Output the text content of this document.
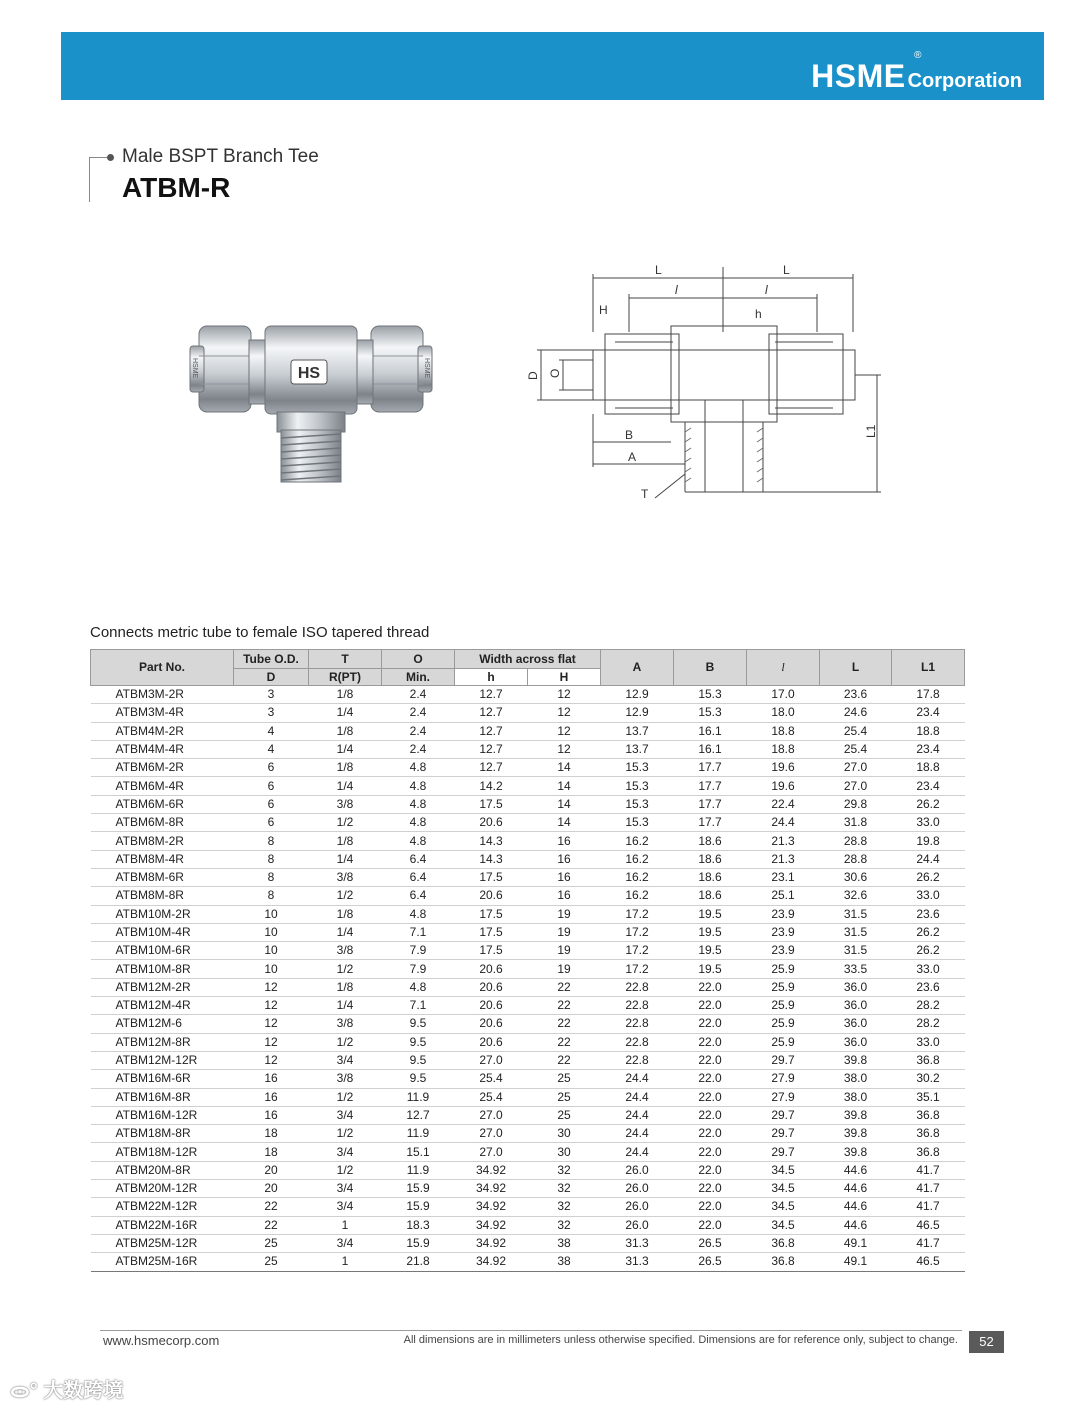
HSME
®
Corporation
Male BSPT Branch Tee
ATBM-R
HSME	HSME
HS
L	L
l	l
H	h
D O
B
A
T
L1
Connects metric tube to female ISO tapered thread
Part No.	Tube O.D.	T	O	Width across flat		A	B	l	L	L1
	D	R(PT)	Min.	h	H					
ATBM3M-2R	3	1/8	2.4	12.7	12	12.9	15.3	17.0	23.6	17.8
ATBM3M-4R	3	1/4	2.4	12.7	12	12.9	15.3	18.0	24.6	23.4
ATBM4M-2R	4	1/8	2.4	12.7	12	13.7	16.1	18.8	25.4	18.8
ATBM4M-4R	4	1/4	2.4	12.7	12	13.7	16.1	18.8	25.4	23.4
ATBM6M-2R	6	1/8	4.8	12.7	14	15.3	17.7	19.6	27.0	18.8
ATBM6M-4R	6	1/4	4.8	14.2	14	15.3	17.7	19.6	27.0	23.4
ATBM6M-6R	6	3/8	4.8	17.5	14	15.3	17.7	22.4	29.8	26.2
ATBM6M-8R	6	1/2	4.8	20.6	14	15.3	17.7	24.4	31.8	33.0
ATBM8M-2R	8	1/8	4.8	14.3	16	16.2	18.6	21.3	28.8	19.8
ATBM8M-4R	8	1/4	6.4	14.3	16	16.2	18.6	21.3	28.8	24.4
ATBM8M-6R	8	3/8	6.4	17.5	16	16.2	18.6	23.1	30.6	26.2
ATBM8M-8R	8	1/2	6.4	20.6	16	16.2	18.6	25.1	32.6	33.0
ATBM10M-2R	10	1/8	4.8	17.5	19	17.2	19.5	23.9	31.5	23.6
ATBM10M-4R	10	1/4	7.1	17.5	19	17.2	19.5	23.9	31.5	26.2
ATBM10M-6R	10	3/8	7.9	17.5	19	17.2	19.5	23.9	31.5	26.2
ATBM10M-8R	10	1/2	7.9	20.6	19	17.2	19.5	25.9	33.5	33.0
ATBM12M-2R	12	1/8	4.8	20.6	22	22.8	22.0	25.9	36.0	23.6
ATBM12M-4R	12	1/4	7.1	20.6	22	22.8	22.0	25.9	36.0	28.2
ATBM12M-6	12	3/8	9.5	20.6	22	22.8	22.0	25.9	36.0	28.2
ATBM12M-8R	12	1/2	9.5	20.6	22	22.8	22.0	25.9	36.0	33.0
ATBM12M-12R	12	3/4	9.5	27.0	22	22.8	22.0	29.7	39.8	36.8
ATBM16M-6R	16	3/8	9.5	25.4	25	24.4	22.0	27.9	38.0	30.2
ATBM16M-8R	16	1/2	11.9	25.4	25	24.4	22.0	27.9	38.0	35.1
ATBM16M-12R	16	3/4	12.7	27.0	25	24.4	22.0	29.7	39.8	36.8
ATBM18M-8R	18	1/2	11.9	27.0	30	24.4	22.0	29.7	39.8	36.8
ATBM18M-12R	18	3/4	15.1	27.0	30	24.4	22.0	29.7	39.8	36.8
ATBM20M-8R	20	1/2	11.9	34.92	32	26.0	22.0	34.5	44.6	41.7
ATBM20M-12R	20	3/4	15.9	34.92	32	26.0	22.0	34.5	44.6	41.7
ATBM22M-12R	22	3/4	15.9	34.92	32	26.0	22.0	34.5	44.6	41.7
ATBM22M-16R	22	1	18.3	34.92	32	26.0	22.0	34.5	44.6	46.5
ATBM25M-12R	25	3/4	15.9	34.92	38	31.3	26.5	36.8	49.1	41.7
ATBM25M-16R	25	1	21.8	34.92	38	31.3	26.5	36.8	49.1	46.5
www.hsmecorp.com	All dimensions are in millimeters unless otherwise specified. Dimensions are for reference only, subject to change.	52
ᯣ° 大数跨境
